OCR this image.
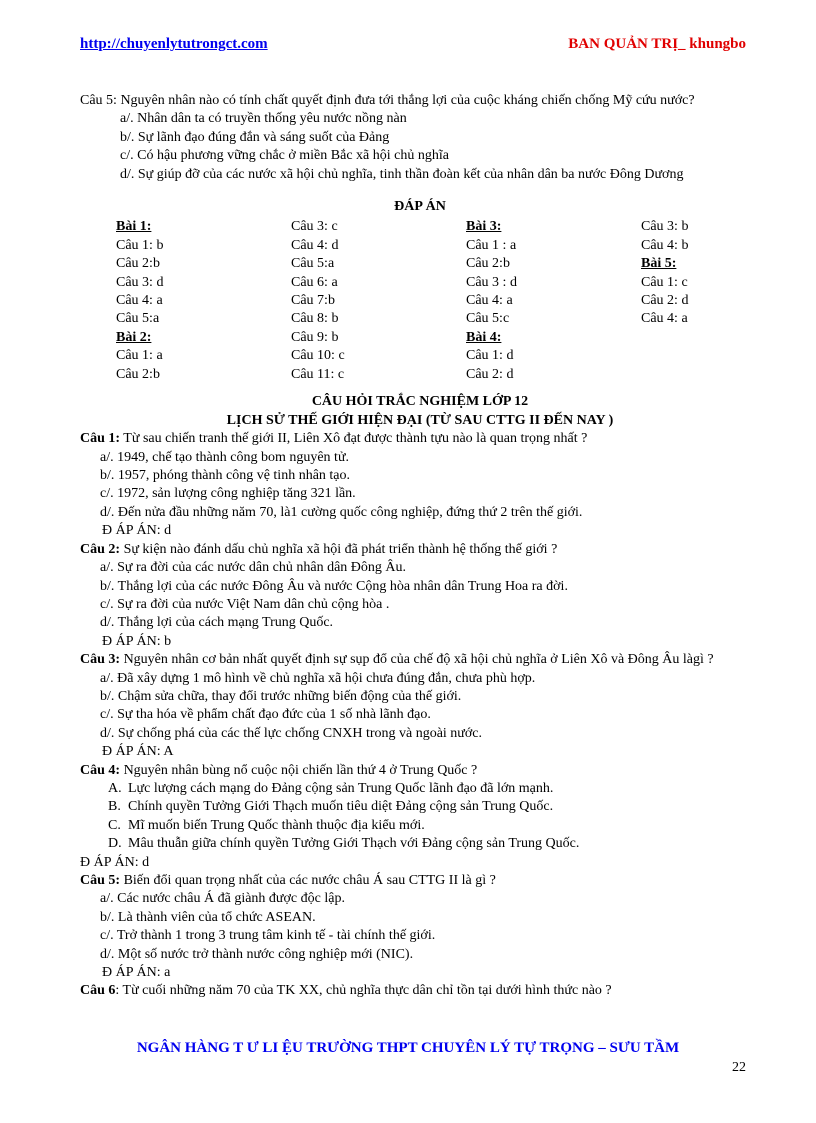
http://chuyenlytutrongct.com	BAN QUẢN TRỊ_ khungbo
Câu 5: Nguyên nhân nào có tính chất quyết định đưa tới thắng lợi của cuộc kháng chiến chống Mỹ cứu nước?
a/. Nhân dân ta có truyền thống yêu nước nồng nàn
b/. Sự lãnh đạo đúng đắn và sáng suốt của Đảng
c/. Có hậu phương vững chắc ở miền Bắc xã hội chủ nghĩa
d/. Sự giúp đỡ của các nước xã hội chủ nghĩa, tinh thần đoàn kết của nhân dân ba nước Đông Dương
ĐÁP ÁN
Bài 1:
Câu 1: b
Câu 2:b
Câu 3: d
Câu 4: a
Câu 5:a
Bài 2:
Câu 1: a
Câu 2:b
Câu 3: c
Câu 4: d
Câu 5:a
Câu 6: a
Câu 7:b
Câu 8: b
Câu 9: b
Câu 10: c
Câu 11: c
Bài 3:
Câu 1 : a
Câu 2:b
Câu 3 : d
Câu 4: a
Câu 5:c
Bài 4:
Câu 1: d
Câu 2: d
Câu 3: b
Câu 4: b
Bài 5:
Câu 1: c
Câu 2: d
Câu 4: a
CÂU HỎI TRẮC NGHIỆM LỚP 12
LỊCH SỬ THẾ GIỚI HIỆN ĐẠI (TỪ SAU CTTG II ĐẾN NAY )
Câu 1: Từ sau chiến tranh thế giới II, Liên Xô đạt được thành tựu nào là quan trọng nhất ?
a/. 1949, chế tạo thành công bom nguyên tử.
b/. 1957, phóng thành công vệ tinh nhân tạo.
c/. 1972, sản lượng công nghiệp tăng 321 lần.
d/. Đến nửa đầu những năm 70, là1 cường quốc công nghiệp, đứng thứ 2 trên thế giới.
Đ ÁP ÁN: d
Câu 2: Sự kiện nào đánh dấu chủ nghĩa xã hội đã phát triển thành hệ thống thế giới ?
a/. Sự ra đời của các nước dân chủ nhân dân Đông Âu.
b/. Thắng lợi của các nước Đông Âu và nước Cộng hòa nhân dân Trung Hoa ra đời.
c/. Sự ra đời của nước Việt Nam dân chủ cộng hòa .
d/. Thắng lợi của cách mạng Trung Quốc.
Đ ÁP ÁN: b
Câu 3: Nguyên nhân cơ bản nhất quyết định sự sụp đổ của chế độ xã hội chủ nghĩa ở Liên Xô và Đông Âu làgì ?
a/. Đã xây dựng 1 mô hình về chủ nghĩa xã hội chưa đúng đắn, chưa phù hợp.
b/. Chậm sửa chữa, thay đổi trước những biến động của thế giới.
c/. Sự tha hóa về phẩm chất đạo đức của 1 số nhà lãnh đạo.
d/. Sự chống phá của các thế lực chống CNXH trong và ngoài nước.
Đ ÁP ÁN: A
Câu 4: Nguyên nhân bùng nổ cuộc nội chiến lần thứ 4 ở Trung Quốc ?
A. Lực lượng cách mạng do Đảng cộng sản Trung Quốc lãnh đạo đã lớn mạnh.
B. Chính quyền Tưởng Giới Thạch muốn tiêu diệt Đảng cộng sản Trung Quốc.
C. Mĩ muốn biến Trung Quốc thành thuộc địa kiểu mới.
D. Mâu thuẫn giữa chính quyền Tưởng Giới Thạch với Đảng cộng sản Trung Quốc.
Đ ÁP ÁN: d
Câu 5: Biến đổi quan trọng nhất của các nước châu Á sau CTTG II là gì ?
a/. Các nước châu Á đã giành được độc lập.
b/. Là thành viên của tổ chức ASEAN.
c/. Trở thành 1 trong 3 trung tâm kinh tế - tài chính thế giới.
d/. Một số nước trở thành nước công nghiệp mới (NIC).
Đ ÁP ÁN: a
Câu 6: Từ cuối những năm 70 của TK XX, chủ nghĩa thực dân chỉ tồn tại dưới hình thức nào ?
NGÂN HÀNG T Ư LI ỆU TRƯỜNG THPT CHUYÊN LÝ TỰ TRỌNG – SƯU TẦM
22
